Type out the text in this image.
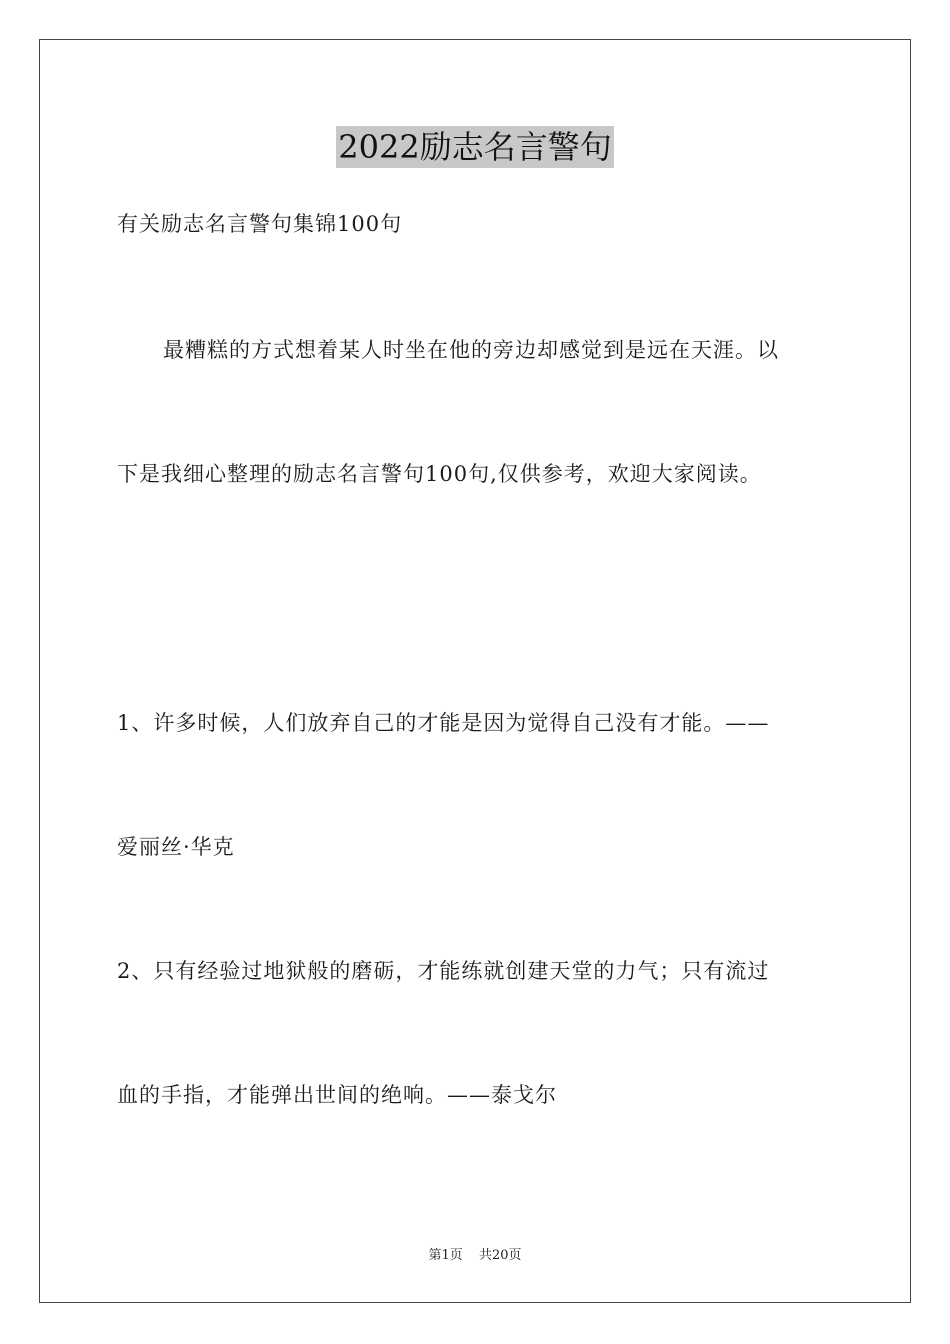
2022励志名言警句
有关励志名言警句集锦100句
最糟糕的方式想着某人时坐在他的旁边却感觉到是远在天涯。以
下是我细心整理的励志名言警句100句,仅供参考，欢迎大家阅读。
1、许多时候，人们放弃自己的才能是因为觉得自己没有才能。——
爱丽丝·华克
2、只有经验过地狱般的磨砺，才能练就创建天堂的力气；只有流过
血的手指，才能弹出世间的绝响。——泰戈尔
第1页 共20页
